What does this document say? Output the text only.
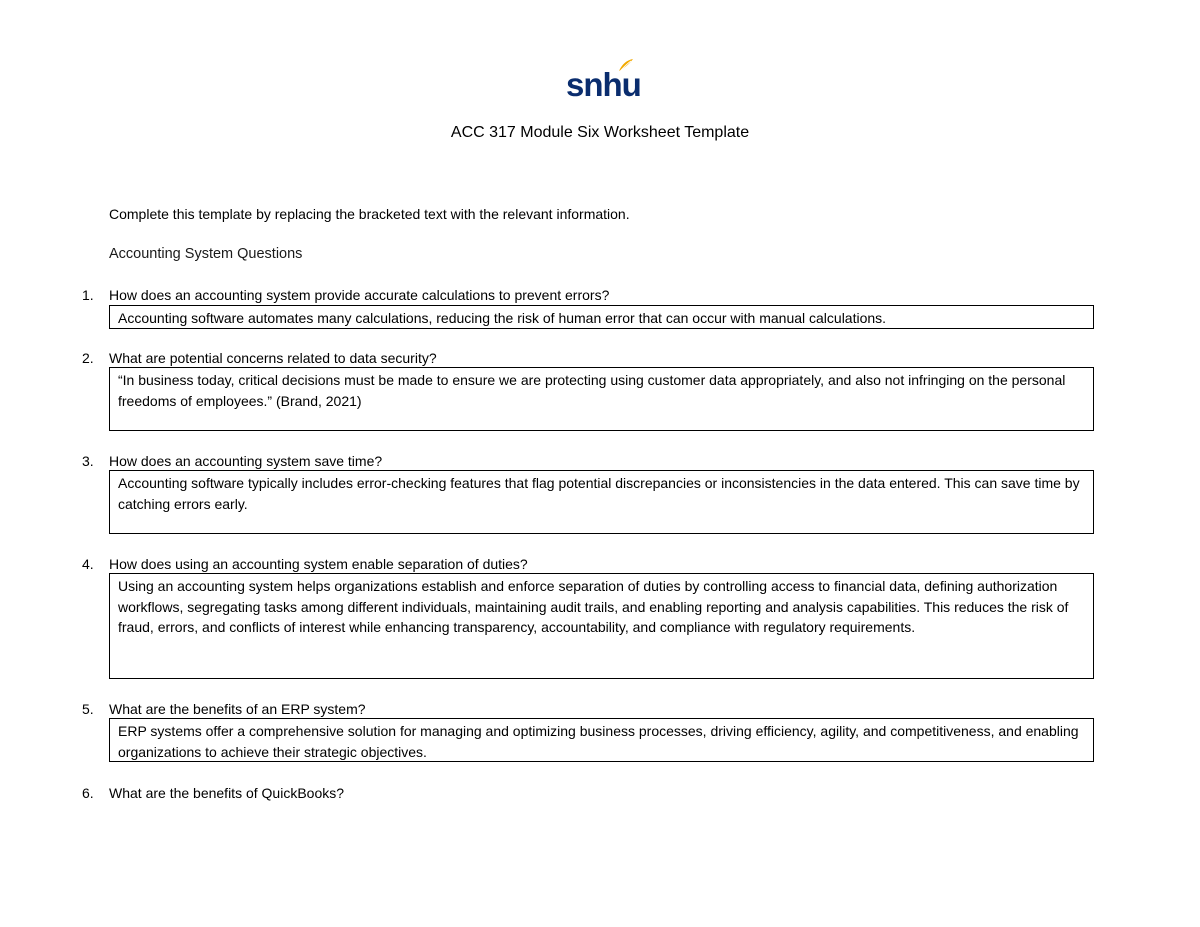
snhu
ACC 317 Module Six Worksheet Template
Complete this template by replacing the bracketed text with the relevant information.
Accounting System Questions
1. How does an accounting system provide accurate calculations to prevent errors?
Accounting software automates many calculations, reducing the risk of human error that can occur with manual calculations.
2. What are potential concerns related to data security?
“In business today, critical decisions must be made to ensure we are protecting using customer data appropriately, and also not infringing on the personal freedoms of employees.” (Brand, 2021)
3. How does an accounting system save time?
Accounting software typically includes error-checking features that flag potential discrepancies or inconsistencies in the data entered. This can save time by catching errors early.
4. How does using an accounting system enable separation of duties?
Using an accounting system helps organizations establish and enforce separation of duties by controlling access to financial data, defining authorization workflows, segregating tasks among different individuals, maintaining audit trails, and enabling reporting and analysis capabilities. This reduces the risk of fraud, errors, and conflicts of interest while enhancing transparency, accountability, and compliance with regulatory requirements.
5. What are the benefits of an ERP system?
ERP systems offer a comprehensive solution for managing and optimizing business processes, driving efficiency, agility, and competitiveness, and enabling organizations to achieve their strategic objectives.
6. What are the benefits of QuickBooks?
